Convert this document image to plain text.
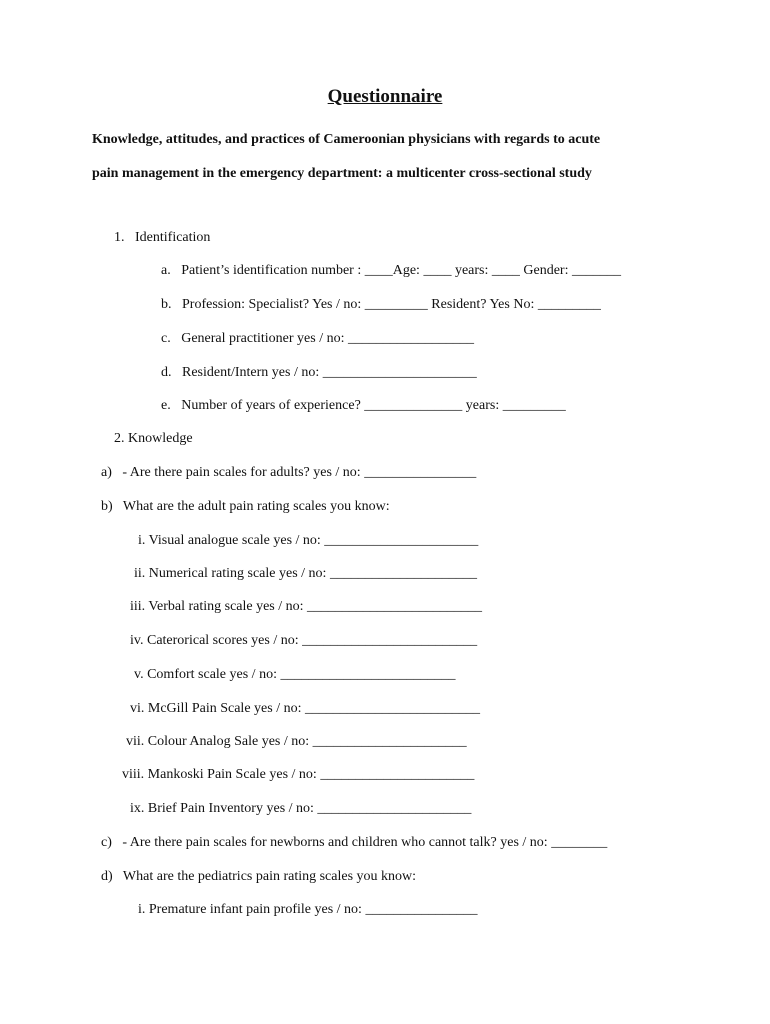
Questionnaire
Knowledge, attitudes, and practices of Cameroonian physicians with regards to acute
pain management in the emergency department: a multicenter cross-sectional study
1. Identification
a. Patient’s identification number : ____Age: ____ years: ____ Gender: _______
b. Profession: Specialist? Yes / no: _________ Resident? Yes No: _________
c. General practitioner yes / no: __________________
d. Resident/Intern yes / no: ______________________
e. Number of years of experience? ______________ years: _________
2. Knowledge
a) - Are there pain scales for adults? yes / no: ________________
b) What are the adult pain rating scales you know:
i. Visual analogue scale yes / no: ______________________
ii. Numerical rating scale yes / no: _____________________
iii. Verbal rating scale yes / no: _________________________
iv. Caterorical scores yes / no: _________________________
v. Comfort scale yes / no: _________________________
vi. McGill Pain Scale yes / no: _________________________
vii. Colour Analog Sale yes / no: ______________________
viii. Mankoski Pain Scale yes / no: ______________________
ix. Brief Pain Inventory yes / no: ______________________
c) - Are there pain scales for newborns and children who cannot talk? yes / no: ________
d) What are the pediatrics pain rating scales you know:
i. Premature infant pain profile yes / no: ________________
